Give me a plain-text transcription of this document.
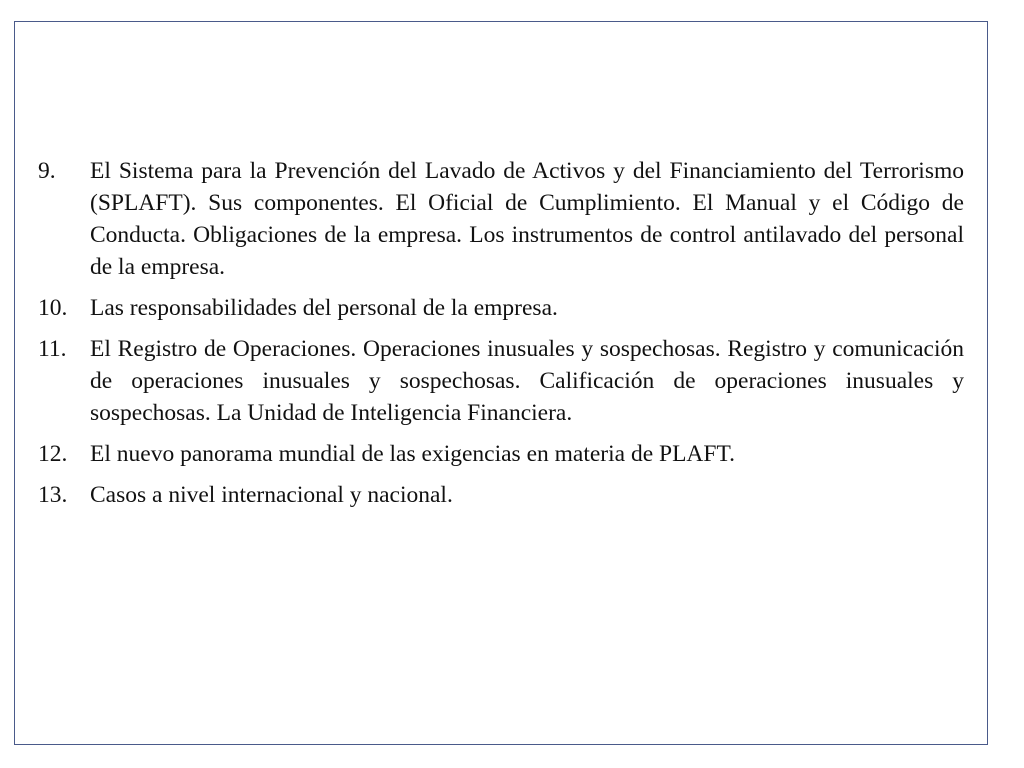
9.	El Sistema para la Prevención del Lavado de Activos y del Financiamiento del Terrorismo (SPLAFT). Sus componentes. El Oficial de Cumplimiento. El Manual y el Código de Conducta. Obligaciones de la empresa. Los instrumentos de control antilavado del personal de la empresa.
10. Las responsabilidades del personal de la empresa.
11. El Registro de Operaciones. Operaciones inusuales y sospechosas. Registro y comunicación de operaciones inusuales y sospechosas. Calificación de operaciones inusuales y sospechosas. La Unidad de Inteligencia Financiera.
12. El nuevo panorama mundial de las exigencias en materia de PLAFT.
13. Casos a nivel internacional y nacional.
